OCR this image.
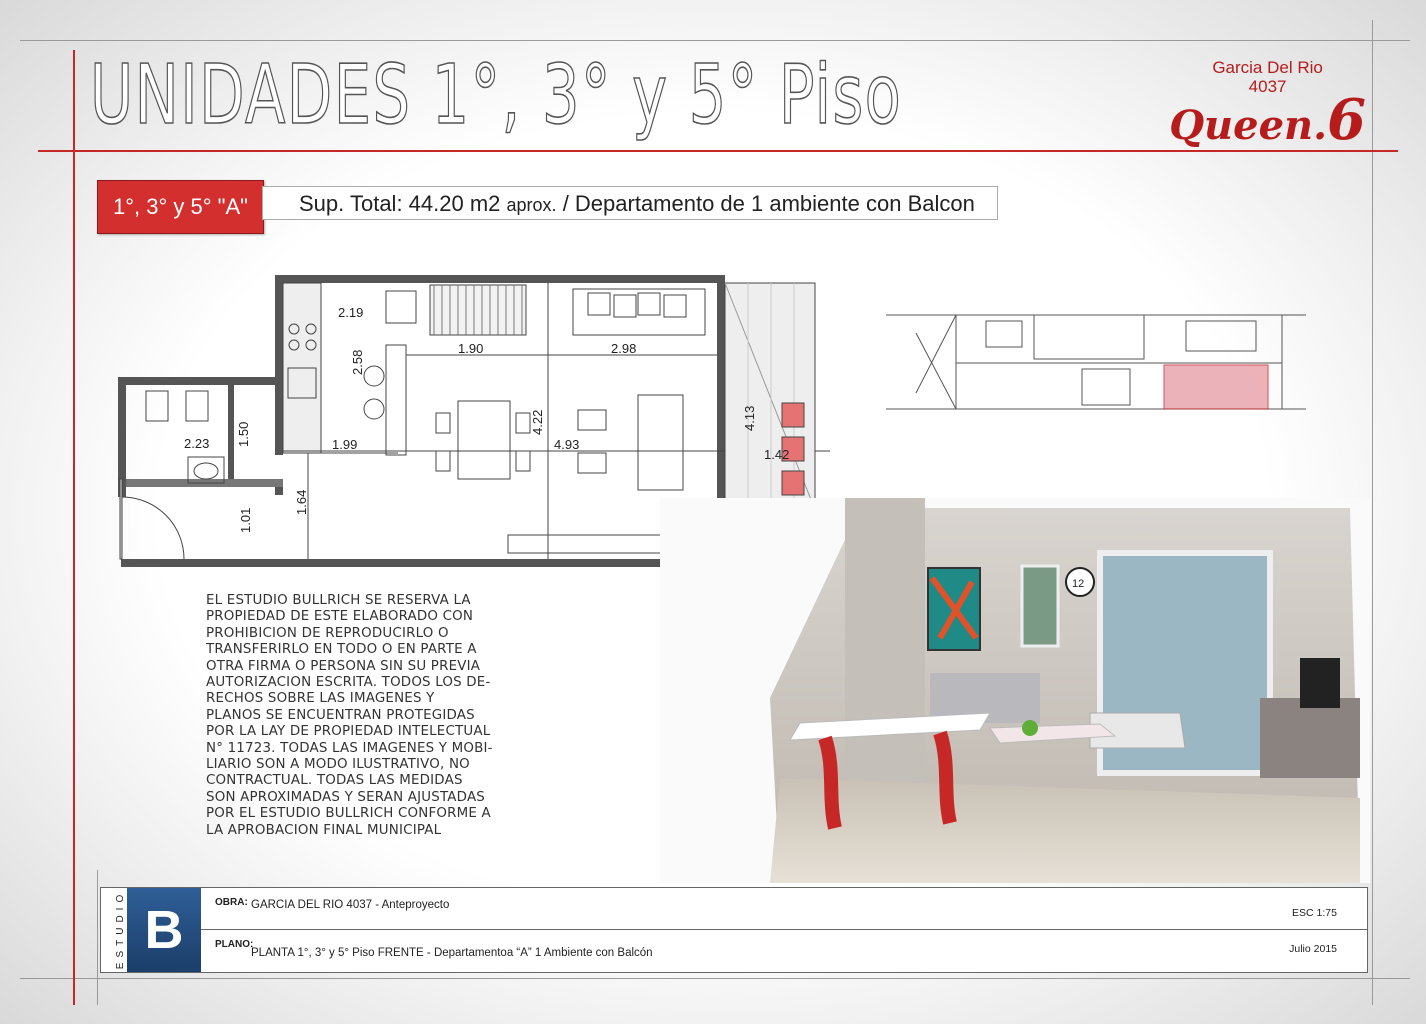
UNIDADES 1°, 3° y 5° Piso	Garcia Del Rio
4037
Queen.6
1°, 3° y 5° "A"	Sup. Total: 44.20 m2 aprox. / Departamento de 1 ambiente con Balcon
2.19
2.58
1.90	2.98
2.23 1.50	1.99
4.22
4.93
4.13
1.42
1.64
1.01
12
EL ESTUDIO BULLRICH SE RESERVA LA
PROPIEDAD DE ESTE ELABORADO CON
PROHIBICION DE REPRODUCIRLO O
TRANSFERIRLO EN TODO O EN PARTE A
OTRA FIRMA O PERSONA SIN SU PREVIA
AUTORIZACION ESCRITA. TODOS LOS DE-
RECHOS SOBRE LAS IMAGENES Y
PLANOS SE ENCUENTRAN PROTEGIDAS
POR LA LAY DE PROPIEDAD INTELECTUAL
N° 11723. TODAS LAS IMAGENES Y MOBI-
LIARIO SON A MODO ILUSTRATIVO, NO
CONTRACTUAL. TODAS LAS MEDIDAS
SON APROXIMADAS Y SERAN AJUSTADAS
POR EL ESTUDIO BULLRICH CONFORME A
LA APROBACION FINAL MUNICIPAL
ESTUDIO B	OBRA: GARCIA DEL RIO 4037 - Anteproyecto
ESC 1:75
PLANO:
PLANTA 1°, 3° y 5° Piso FRENTE - Departamentoa “A” 1 Ambiente con Balcón	Julio 2015
